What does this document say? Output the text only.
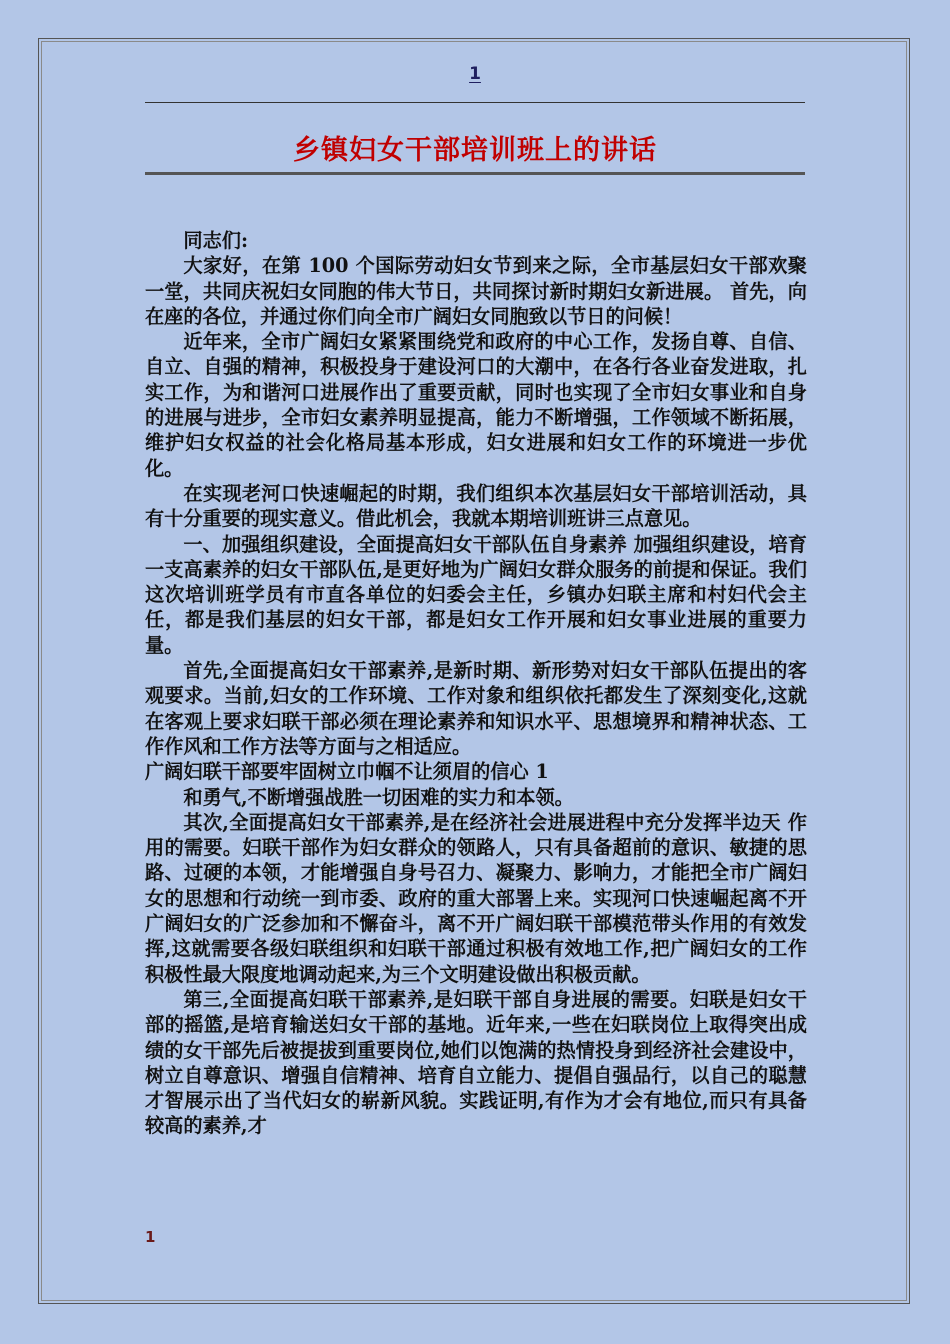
1
乡镇妇女干部培训班上的讲话

同志们:

大家好，在第 100 个国际劳动妇女节到来之际，全市基层妇女干部欢聚一堂，共同庆祝妇女同胞的伟大节日，共同探讨新时期妇女新进展。 首先，向在座的各位，并通过你们向全市广阔妇女同胞致以节日的问候！

近年来，全市广阔妇女紧紧围绕党和政府的中心工作，发扬自尊、自信、自立、自强的精神，积极投身于建设河口的大潮中，在各行各业奋发进取，扎实工作，为和谐河口进展作出了重要贡献，同时也实现了全市妇女事业和自身的进展与进步，全市妇女素养明显提高，能力不断增强，工作领域不断拓展，维护妇女权益的社会化格局基本形成，妇女进展和妇女工作的环境进一步优化。

在实现老河口快速崛起的时期，我们组织本次基层妇女干部培训活动，具有十分重要的现实意义。借此机会，我就本期培训班讲三点意见。

一、加强组织建设，全面提高妇女干部队伍自身素养 加强组织建设，培育一支高素养的妇女干部队伍,是更好地为广阔妇女群众服务的前提和保证。我们这次培训班学员有市直各单位的妇委会主任，乡镇办妇联主席和村妇代会主任，都是我们基层的妇女干部，都是妇女工作开展和妇女事业进展的重要力量。

首先,全面提高妇女干部素养,是新时期、新形势对妇女干部队伍提出的客观要求。当前,妇女的工作环境、工作对象和组织依托都发生了深刻变化,这就在客观上要求妇联干部必须在理论素养和知识水平、思想境界和精神状态、工作作风和工作方法等方面与之相适应。

广阔妇联干部要牢固树立巾帼不让须眉的信心 1

和勇气,不断增强战胜一切困难的实力和本领。

其次,全面提高妇女干部素养,是在经济社会进展进程中充分发挥半边天 作用的需要。妇联干部作为妇女群众的领路人，只有具备超前的意识、敏捷的思路、过硬的本领，才能增强自身号召力、凝聚力、影响力，才能把全市广阔妇女的思想和行动统一到市委、政府的重大部署上来。实现河口快速崛起离不开广阔妇女的广泛参加和不懈奋斗，离不开广阔妇联干部模范带头作用的有效发挥,这就需要各级妇联组织和妇联干部通过积极有效地工作,把广阔妇女的工作积极性最大限度地调动起来,为三个文明建设做出积极贡献。

第三,全面提高妇联干部素养,是妇联干部自身进展的需要。妇联是妇女干部的摇篮,是培育输送妇女干部的基地。近年来,一些在妇联岗位上取得突出成绩的女干部先后被提拔到重要岗位,她们以饱满的热情投身到经济社会建设中，树立自尊意识、增强自信精神、培育自立能力、提倡自强品行，以自己的聪慧才智展示出了当代妇女的崭新风貌。实践证明,有作为才会有地位,而只有具备较高的素养,才

1
